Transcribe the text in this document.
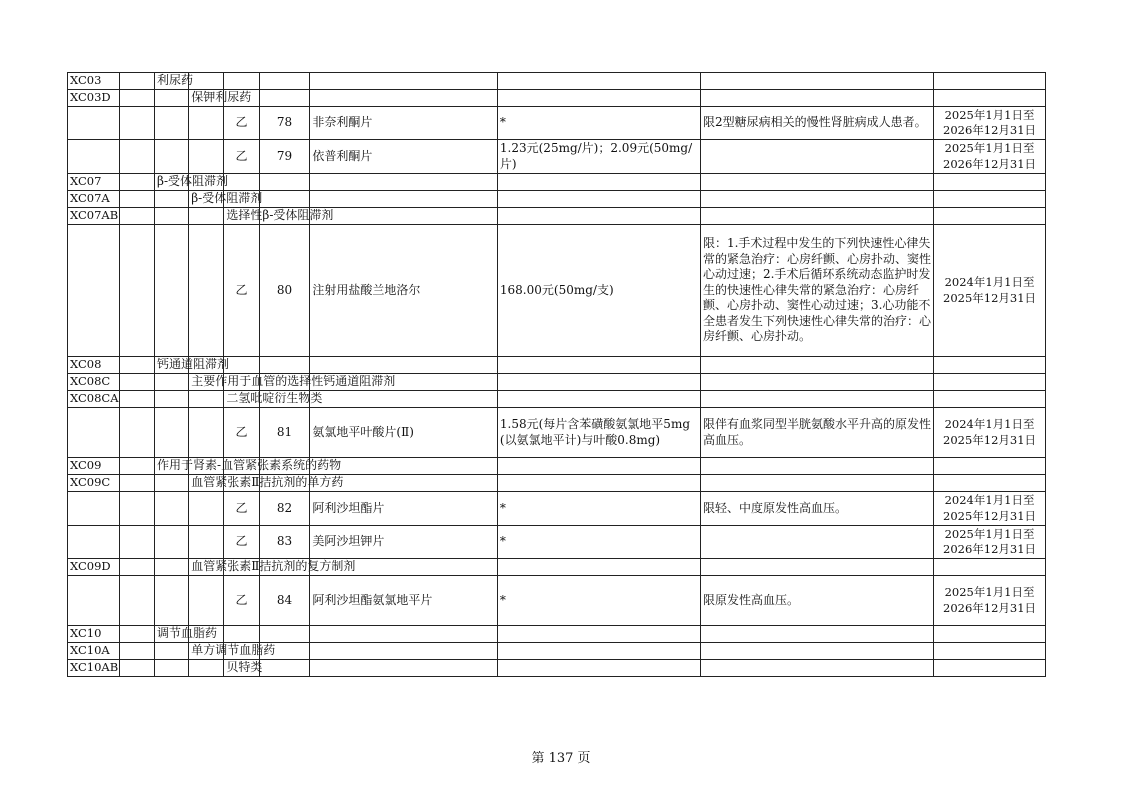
XC03		利尿药							
XC03D			保钾利尿药						
				乙	78	非奈利酮片	*	限2型糖尿病相关的慢性肾脏病成人患者。	2025年1月1日至
2026年12月31日

				乙	79	依普利酮片	1.23元(25mg/片)；2.09元(50mg/片)		2025年1月1日至
2026年12月31日

XC07		β-受体阻滞剂							
XC07A			β-受体阻滞剂						
XC07AB				选择性β-受体阻滞剂					
				乙	80	注射用盐酸兰地洛尔	168.00元(50mg/支)	限：1.手术过程中发生的下列快速性心律失常的紧急治疗：心房纤颤、心房扑动、窦性心动过速；2.手术后循环系统动态监护时发生的快速性心律失常的紧急治疗：心房纤颤、心房扑动、窦性心动过速；3.心功能不全患者发生下列快速性心律失常的治疗：心房纤颤、心房扑动。	2024年1月1日至
2025年12月31日

XC08		钙通道阻滞剂							
XC08C			主要作用于血管的选择性钙通道阻滞剂						
XC08CA				二氢吡啶衍生物类					
				乙	81	氨氯地平叶酸片(Ⅱ)	1.58元(每片含苯磺酸氨氯地平5mg(以氨氯地平计)与叶酸0.8mg)	限伴有血浆同型半胱氨酸水平升高的原发性高血压。	2024年1月1日至
2025年12月31日

XC09		作用于肾素-血管紧张素系统的药物							
XC09C			血管紧张素Ⅱ拮抗剂的单方药						
				乙	82	阿利沙坦酯片	*	限轻、中度原发性高血压。	2024年1月1日至
2025年12月31日

				乙	83	美阿沙坦钾片	*		2025年1月1日至
2026年12月31日

XC09D			血管紧张素Ⅱ拮抗剂的复方制剂						
				乙	84	阿利沙坦酯氨氯地平片	*	限原发性高血压。	2025年1月1日至
2026年12月31日

XC10		调节血脂药							
XC10A			单方调节血脂药						
XC10AB				贝特类					
第 137 页
